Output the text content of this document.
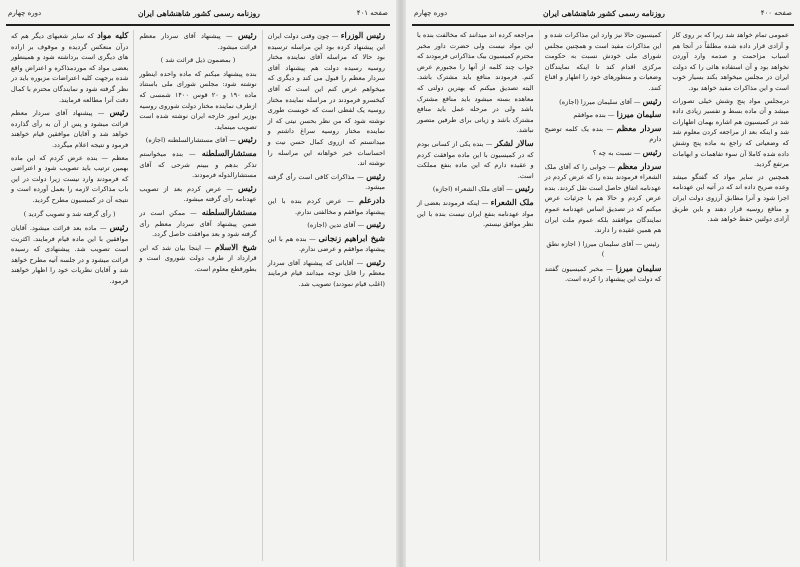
صفحه ۴۰۱
روزنامه رسمی کشور شاهنشاهی ایران
دوره چهارم

رئیس الوزراء — چون وقتی دولت ایران این پیشنهاد کرده بود این مراسله ترسیده بود حالا که مراسله آقای نماینده مختار روسیه رسیده دولت هم پیشنهاد آقای سردار معظم را قبول می کند و دیگری که میخواهم عرض کنم این است که آقای کیخسرو فرمودند در مراسله نماینده مختار روسیه یک لفظی است که خوبست طوری نوشته شود که من نظر بحسن نیتی که از نماینده مختار روسیه سراغ داشتم و میدانستم که ازروی کمال حسن نیت و احساسات خیر خواهانه این مراسله را نوشته اند.

رئیس — مذاکرات کافی است رأی گرفته میشود.

دادرعلم — عرض کردم بنده با این پیشنهاد موافقم و مخالفتی ندارم.

رئیس — آقای تدین (اجازه)

شیخ ابراهیم زنجانی — بنده هم با این پیشنهاد موافقم و عرضی ندارم.

رئیس — آقایانی که پیشنهاد آقای سردار معظم را قابل توجه میدانند قیام فرمایند (اغلب قیام نمودند) تصویب شد.

رئیس — پیشنهاد آقای سردار معظم قرائت میشود.

( بمضمون ذیل قرائت شد )

بنده پیشنهاد میکنم که ماده واحده اینطور نوشته شود: مجلس شورای ملی باستناد ماده ۱۹۰ و ۲۰ قوس ۱۴۰۰ شمسی که ازطرف نماینده مختار دولت شوروی روسیه بوزیر امور خارجه ایران نوشته شده است تصویب مینماید.

رئیس — آقای مستشارالسلطنه (اجازه)

مستشارالسلطنه — بنده میخواستم تذکر بدهم و ببینم شرحی که آقای مستشارالدوله فرمودند.

رئیس — عرض کردم بعد از تصویب عهدنامه رأی گرفته میشود.

مستشارالسلطنه — ممکن است در ضمن پیشنهاد آقای سردار معظم رأی گرفته شود و بعد موافقت حاصل گردد.

شیخ الاسلام — اینجا بیان شد که این قرارداد از طرف دولت شوروی است و بطورقطع معلوم است.

کلیه مواد که سایر شعبهای دیگر هم که درآن منعکس گردیده و موقوف بر اراده های دیگری است برداشته شود و همینطور بعضی مواد که موردمذاکره و اعتراض واقع شده برجهت کلیه اعتراضات مزبوره باید در نظر گرفته شود و نمایندگان محترم با کمال دقت آنرا مطالعه فرمایند.

رئیس — پیشنهاد آقای سردار معظم قرائت میشود و پس از آن به رأی گذارده خواهد شد و آقایان موافقین قیام خواهند فرمود و نتیجه اعلام میگردد.

معظم — بنده عرض کردم که این ماده بهمین ترتیب باید تصویب شود و اعتراضی که فرمودند وارد نیست زیرا دولت در این باب مذاکرات لازمه را بعمل آورده است و نتیجه آن در کمیسیون مطرح گردید.

( رأی گرفته شد و تصویب گردید )

رئیس — ماده بعد قرائت میشود. آقایان موافقین با این ماده قیام فرمایند. اکثریت است تصویب شد. پیشنهادی که رسیده قرائت میشود و در جلسه آتیه مطرح خواهد شد و آقایان نظریات خود را اظهار خواهند فرمود.

صفحه ۴۰۰
روزنامه رسمی کشور شاهنشاهی ایران
دوره چهارم

عمومی تمام خواهد شد زیرا که بر روی کار و آزادی قرار داده شده مطلقاً در آنجا هم اسباب مزاحمت و صدمه وارد آوردن نخواهد بود و آن استفاده هائی را که دولت ایران در مجلس میخواهد بکند بسیار خوب است و این مذاکرات مفید خواهد بود.

درمجلس مواد پنج وشش خیلی تصورات میشد و آن ماده بسط و تفسیر زیادی داده شد در کمیسیون هم اشاره بهمان اظهارات شد و اینکه بعد از مراجعه کردن معلوم شد که وضعیاتی که راجع به ماده پنج وشش داده شده کاملا آن سوء تفاهمات و ابهامات مرتفع گردید.

همچنین در سایر مواد که گفتگو میشد وعده صریح داده اند که در آتیه این عهدنامه اجرا شود و آنرا مطابق آرزوی دولت ایران و منافع روسیه قرار دهند و باین طریق آزادی دولتین حفظ خواهد شد.

کمیسیون حالا نیز وارد این مذاکرات شده و این مذاکرات مفید است و همچنین مجلس شورای ملی خودش نسبت به حکومت مرکزی اقدام کند تا اینکه نمایندگان وضعیات و منظورهای خود را اظهار و اقناع کنند.

رئیس — آقای سلیمان میرزا (اجازه)

سلیمان میرزا — بنده موافقم

سردار معظم — بنده یک کلمه توضیح دارم

رئیس — نسبت به چه ؟

سردار معظم — جوابی را که آقای ملک الشعراء فرمودند بنده را که عرض کردم در عهدنامه اتفاق حاصل است نقل کردند. بنده عرض کردم و حالا هم با جزئیات عرض میکنم که در تصدیق اساس عهدنامه عموم نمایندگان موافقند بلکه عموم ملت ایران هم همین عقیده را دارند.

رئیس — آقای سلیمان میرزا ( اجازه نطق )

سلیمان میرزا — مخبر کمیسیون گفتند که دولت این پیشنهاد را کرده است.

مراجعه کرده اند میدانند که مخالفت بنده با این مواد نیست ولی حضرت داور مخبر محترم کمیسیون بیک مذاکراتی فرمودند که جواب چند کلمه از آنها را مجبورم عرض کنم. فرمودند منافع باید مشترک باشد. البته تصدیق میکنم که بهترین دولتی که معاهده بسته میشود باید منافع مشترک باشد ولی در مرحله عمل باید منافع مشترک باشد و زیانی برای طرفین متصور نباشد.

سالار لشکر — بنده یکی از کسانی بودم که در کمیسیون با این ماده موافقت کردم و عقیده دارم که این ماده بنفع مملکت است.

رئیس — آقای ملک الشعراء (اجازه)

ملک الشعراء — اینکه فرمودند بعضی از مواد عهدنامه بنفع ایران نیست بنده با این نظر موافق نیستم.
